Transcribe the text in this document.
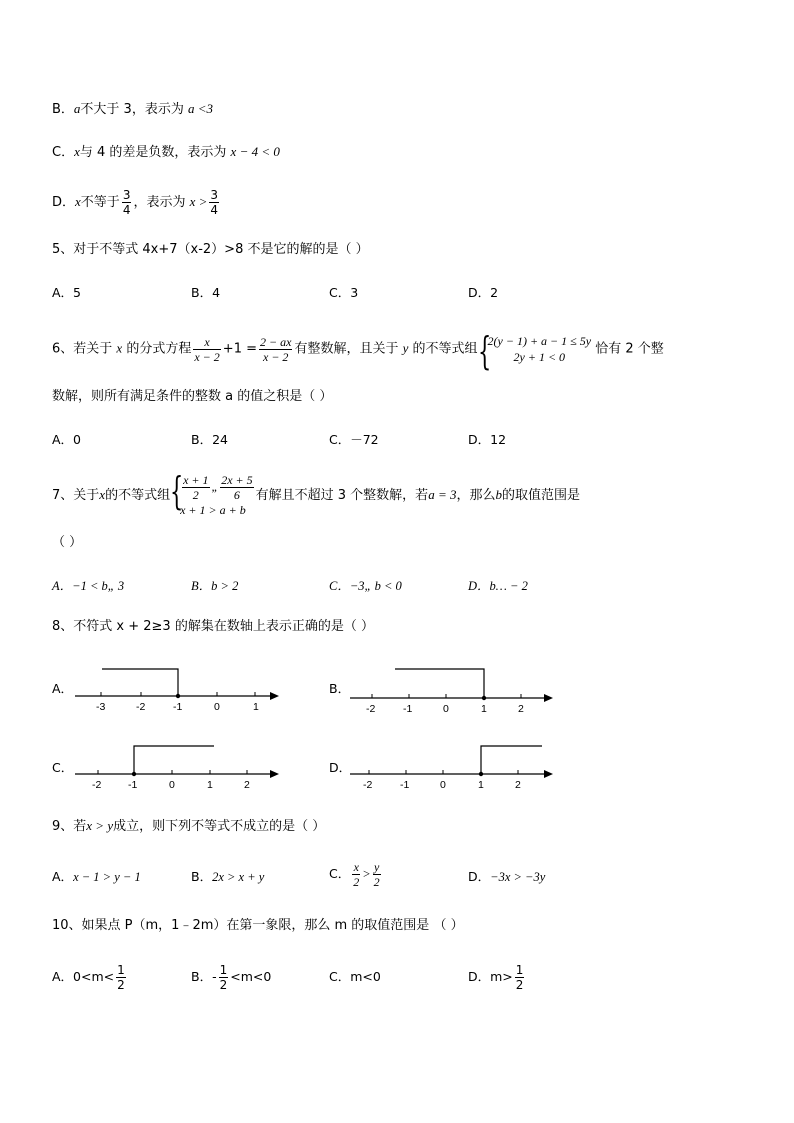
B．a不大于 3，表示为 a <3
C．x与 4 的差是负数，表示为 x − 4 < 0
D．x不等于 $\frac{3}{4}$ ，表示为 $x > \frac{3}{4}$
5、对于不等式 4x+7（x-2）>8 不是它的解的是（ ）
A．5	B．4	C．3	D．2
6、若关于 x 的分式方程 $\frac{x}{x - 2} +1 = \frac{2 - ax}{x - 2}$ 有整数解，且关于 y 的不等式组 {
2(y − 1) + a − 1 ≤ 5y
2y + 1 < 0
恰有 2 个整
数解，则所有满足条件的整数 a 的值之积是（ ）
A．0	B．24	C．－72	D．12
7、关于x的不等式组 {
$\frac{x + 1}{2}$ „ $\frac{2x + 5}{6}$
x + 1 > a + b
有解且不超过 3 个整数解，若a = 3，那么b的取值范围是
（ ）
A．−1 < b„ 3	B．b > 2	C．−3„ b < 0	D．b… − 2
8、不符式 x + 2≥3 的解集在数轴上表示正确的是（ ）
A．
-3	-2	-1	0	1
B．
-2	-1	0	1	2
C．
-2	-1	0	1	2
D．
-2	-1	0	1	2
9、若x > y成立，则下列不等式不成立的是（ ）
A．x − 1 > y − 1	B．2x > x + y	C． $\frac{x}{2} > \frac{y}{2}$	D．−3x > −3y
10、如果点 P（m，1﹣2m）在第一象限，那么 m 的取值范围是 （ ）
A．$0<m< \frac{1}{2}$	B．- $\frac{1}{2} <m<0$	C．m<0	D．$m> \frac{1}{2}$
